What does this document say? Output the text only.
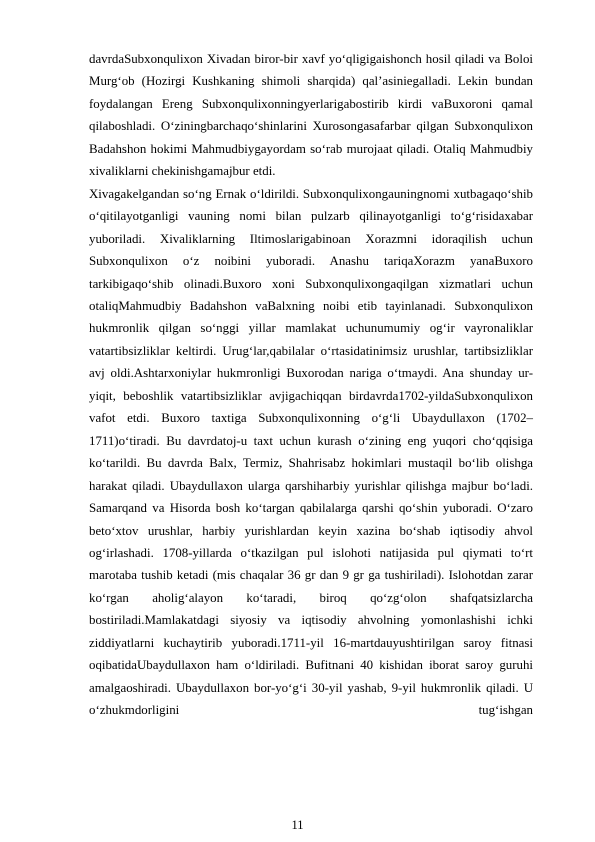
davrdaSubxonqulixon Xivadan biror-bir xavf yo‘qligigaishonch hosil qiladi va Boloi Murg‘ob (Hozirgi Kushkaning shimoli sharqida) qal’asiniegalladi. Lekin bundan foydalangan Ereng Subxonqulixonningyerlarigabostirib kirdi vaBuxoroni qamal qilaboshladi. O‘ziningbarchaqo‘shinlarini Xurosongasafarbar qilgan Subxonqulixon Badahshon hokimi Mahmudbiygayordam so‘rab murojaat qiladi. Otaliq Mahmudbiy xivaliklarni chekinishgamajbur etdi.

Xivagakelgandan so‘ng Ernak o‘ldirildi. Subxonqulixongauningnomi xutbagaqo‘shib o‘qitilayotganligi vauning nomi bilan pulzarb qilinayotganligi to‘g‘risidaxabar yuboriladi. Xivaliklarning Iltimoslarigabinoan Xorazmni idoraqilish uchun Subxonqulixon o‘z noibini yuboradi. Anashu tariqaXorazm yanaBuxoro tarkibigaqo‘shib olinadi.Buxoro xoni Subxonqulixongaqilgan xizmatlari uchun otaliqMahmudbiy Badahshon vaBalxning noibi etib tayinlanadi. Subxonqulixon hukmronlik qilgan so‘nggi yillar mamlakat uchunumumiy og‘ir vayronaliklar vatartibsizliklar keltirdi. Urug‘lar,qabilalar o‘rtasidatinimsiz urushlar, tartibsizliklar avj oldi.Ashtarxoniylar hukmronligi Buxorodan nariga o‘tmaydi. Ana shunday ur-yiqit, beboshlik vatartibsizliklar avjigachiqqan birdavrda1702-yildaSubxonqulixon vafot etdi. Buxoro taxtiga Subxonqulixonning o‘g‘li Ubaydullaxon (1702–1711)o‘tiradi. Bu davrdatoj-u taxt uchun kurash o‘zining eng yuqori cho‘qqisiga ko‘tarildi. Bu davrda Balx, Termiz, Shahrisabz hokimlari mustaqil bo‘lib olishga harakat qiladi. Ubaydullaxon ularga qarshiharbiy yurishlar qilishga majbur bo‘ladi. Samarqand va Hisorda bosh ko‘targan qabilalarga qarshi qo‘shin yuboradi. O‘zaro beto‘xtov urushlar, harbiy yurishlardan keyin xazina bo‘shab iqtisodiy ahvol og‘irlashadi. 1708-yillarda o‘tkazilgan pul islohoti natijasida pul qiymati to‘rt marotaba tushib ketadi (mis chaqalar 36 gr dan 9 gr ga tushiriladi). Islohotdan zarar ko‘rgan aholig‘alayon ko‘taradi, biroq qo‘zg‘olon shafqatsizlarcha bostiriladi.Mamlakatdagi siyosiy va iqtisodiy ahvolning yomonlashishi ichki ziddiyatlarni kuchaytirib yuboradi.1711-yil 16-martdauyushtirilgan saroy fitnasi oqibatidaUbaydullaxon ham o‘ldiriladi. Bufitnani 40 kishidan iborat saroy guruhi amalgaoshiradi. Ubaydullaxon bor-yo‘g‘i 30-yil yashab, 9-yil hukmronlik qiladi. U o‘zhukmdorligini tug‘ishgan

11
